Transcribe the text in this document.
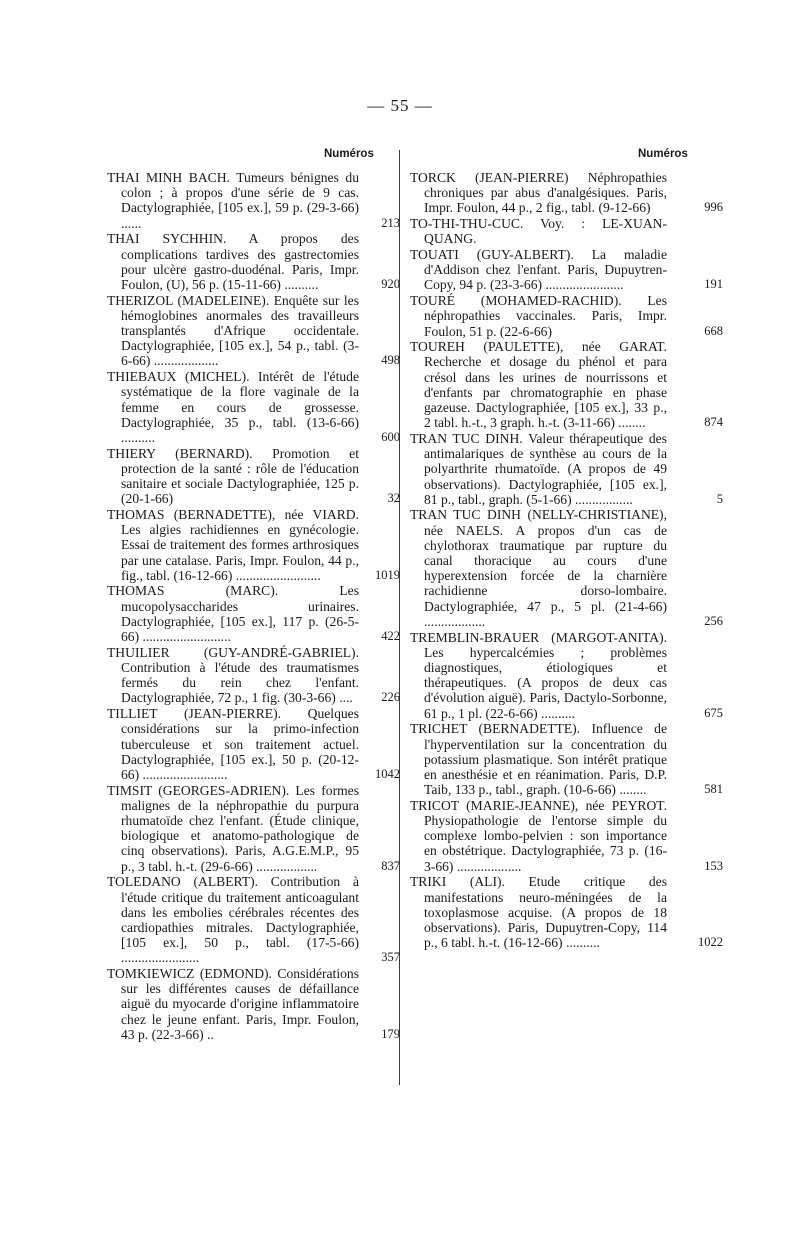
— 55 —
Numéros	Numéros
THAI MINH BACH. Tumeurs bénignes du colon ; à propos d'une série de 9 cas. Dactylographiée, [105 ex.], 59 p. (29-3-66) ......	213
THAI SYCHHIN. A propos des complications tardives des gastrectomies pour ulcère gastro-duodénal. Paris, Impr. Foulon, (U), 56 p. (15-11-66) ..........	920
THERIZOL (MADELEINE). Enquête sur les hémoglobines anormales des travailleurs transplantés d'Afrique occidentale. Dactylographiée, [105 ex.], 54 p., tabl. (3-6-66) ...................	498
THIEBAUX (MICHEL). Intérêt de l'étude systématique de la flore vaginale de la femme en cours de grossesse. Dactylographiée, 35 p., tabl. (13-6-66) ..........	600
THIERY (BERNARD). Promotion et protection de la santé : rôle de l'éducation sanitaire et sociale Dactylographiée, 125 p. (20-1-66)	32
THOMAS (BERNADETTE), née VIARD. Les algies rachidiennes en gynécologie. Essai de traitement des formes arthrosiques par une catalase. Paris, Impr. Foulon, 44 p., fig., tabl. (16-12-66) .........................	1019
THOMAS (MARC). Les mucopolysaccharides urinaires. Dactylographiée, [105 ex.], 117 p. (26-5-66) ..........................	422
THUILIER (GUY-ANDRÉ-GABRIEL). Contribution à l'étude des traumatismes fermés du rein chez l'enfant. Dactylographiée, 72 p., 1 fig. (30-3-66) ....	226
TILLIET (JEAN-PIERRE). Quelques considérations sur la primo-infection tuberculeuse et son traitement actuel. Dactylographiée, [105 ex.], 50 p. (20-12-66) .........................	1042
TIMSIT (GEORGES-ADRIEN). Les formes malignes de la néphropathie du purpura rhumatoïde chez l'enfant. (Étude clinique, biologique et anatomo-pathologique de cinq observations). Paris, A.G.E.M.P., 95 p., 3 tabl. h.-t. (29-6-66) ..................	837
TOLEDANO (ALBERT). Contribution à l'étude critique du traitement anticoagulant dans les embolies cérébrales récentes des cardiopathies mitrales. Dactylographiée, [105 ex.], 50 p., tabl. (17-5-66) .......................	357
TOMKIEWICZ (EDMOND). Considérations sur les différentes causes de défaillance aiguë du myocarde d'origine inflammatoire chez le jeune enfant. Paris, Impr. Foulon, 43 p. (22-3-66) ..	179
TORCK (JEAN-PIERRE) Néphropathies chroniques par abus d'analgésiques. Paris, Impr. Foulon, 44 p., 2 fig., tabl. (9-12-66)	996
TO-THI-THU-CUC. Voy. : LE-XUAN-QUANG.
TOUATI (GUY-ALBERT). La maladie d'Addison chez l'enfant. Paris, Dupuytren-Copy, 94 p. (23-3-66) .......................	191
TOURÉ (MOHAMED-RACHID). Les néphropathies vaccinales. Paris, Impr. Foulon, 51 p. (22-6-66)	668
TOUREH (PAULETTE), née GARAT. Recherche et dosage du phénol et para crésol dans les urines de nourrissons et d'enfants par chromatographie en phase gazeuse. Dactylographiée, [105 ex.], 33 p., 2 tabl. h.-t., 3 graph. h.-t. (3-11-66) ........	874
TRAN TUC DINH. Valeur thérapeutique des antimalariques de synthèse au cours de la polyarthrite rhumatoïde. (A propos de 49 observations). Dactylographiée, [105 ex.], 81 p., tabl., graph. (5-1-66) .................	5
TRAN TUC DINH (NELLY-CHRISTIANE), née NAELS. A propos d'un cas de chylothorax traumatique par rupture du canal thoracique au cours d'une hyperextension forcée de la charnière rachidienne dorso-lombaire. Dactylographiée, 47 p., 5 pl. (21-4-66) ..................	256
TREMBLIN-BRAUER (MARGOT-ANITA). Les hypercalcémies ; problèmes diagnostiques, étiologiques et thérapeutiques. (A propos de deux cas d'évolution aiguë). Paris, Dactylo-Sorbonne, 61 p., 1 pl. (22-6-66) ..........	675
TRICHET (BERNADETTE). Influence de l'hyperventilation sur la concentration du potassium plasmatique. Son intérêt pratique en anesthésie et en réanimation. Paris, D.P. Taib, 133 p., tabl., graph. (10-6-66) ........	581
TRICOT (MARIE-JEANNE), née PEYROT. Physiopathologie de l'entorse simple du complexe lombo-pelvien : son importance en obstétrique. Dactylographiée, 73 p. (16-3-66) ...................	153
TRIKI (ALI). Etude critique des manifestations neuro-méningées de la toxoplasmose acquise. (A propos de 18 observations). Paris, Dupuytren-Copy, 114 p., 6 tabl. h.-t. (16-12-66) ..........	1022
